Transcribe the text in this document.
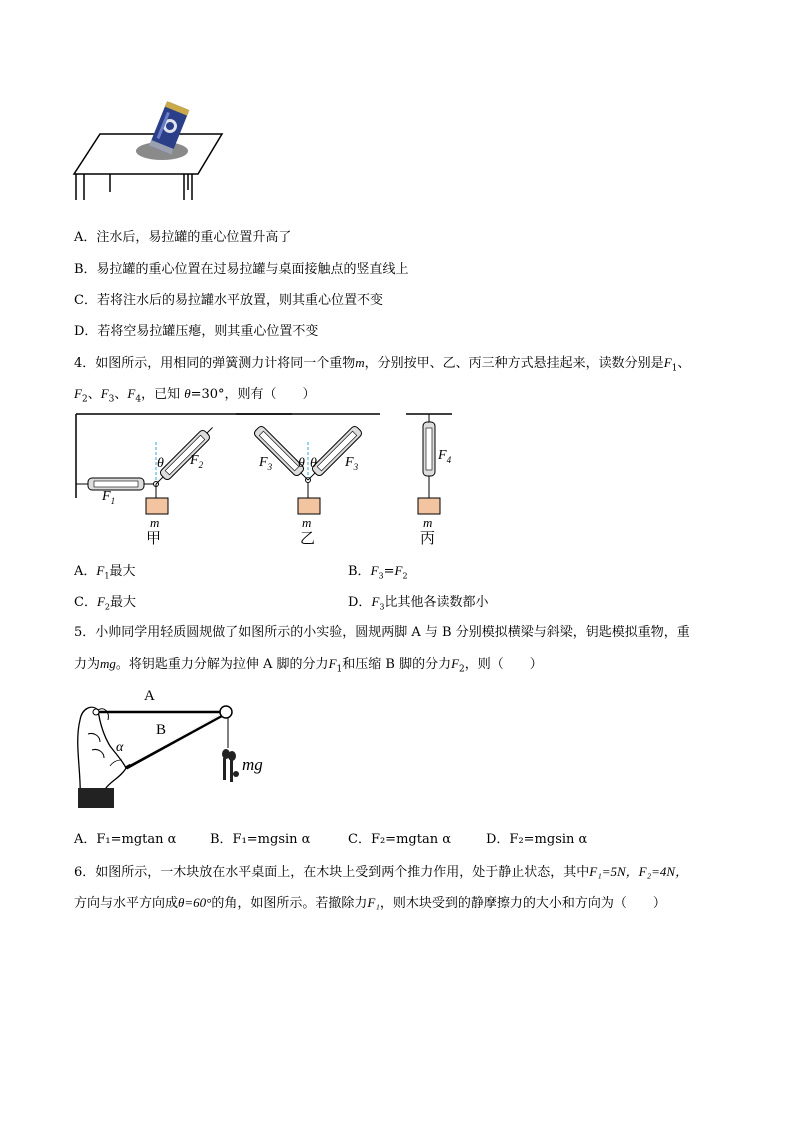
A．注水后，易拉罐的重心位置升高了
B．易拉罐的重心位置在过易拉罐与桌面接触点的竖直线上
C．若将注水后的易拉罐水平放置，则其重心位置不变
D．若将空易拉罐压瘪，则其重心位置不变
4．如图所示，用相同的弹簧测力计将同一个重物m，分别按甲、乙、丙三种方式悬挂起来，读数分别是$F_1$、
$F_2$、$F_3$、$F_4$，已知 θ=30°，则有（　　）
$F_1$
$F_2$
θ	$F_3$	$F_3$
θ θ
$F_4$
m	m	m
甲	乙	丙
A．$F_1$最大	B．$F_3=F_2$
C．$F_2$最大	D．$F_3$比其他各读数都小
5．小帅同学用轻质圆规做了如图所示的小实验，圆规两脚 A 与 B 分别模拟横梁与斜梁，钥匙模拟重物，重
力为mg。将钥匙重力分解为拉伸 A 脚的分力$F_1$和压缩 B 脚的分力$F_2$，则（　　）
A
B
α
mg
A．F₁=mgtan α	B．F₁=mgsin α	C．F₂=mgtan α	D．F₂=mgsin α
6．如图所示，一木块放在水平桌面上，在木块上受到两个推力作用，处于静止状态，其中F₁=5N，F₂=4N，
方向与水平方向成θ=60°的角，如图所示。若撤除力F₁，则木块受到的静摩擦力的大小和方向为（　　）
